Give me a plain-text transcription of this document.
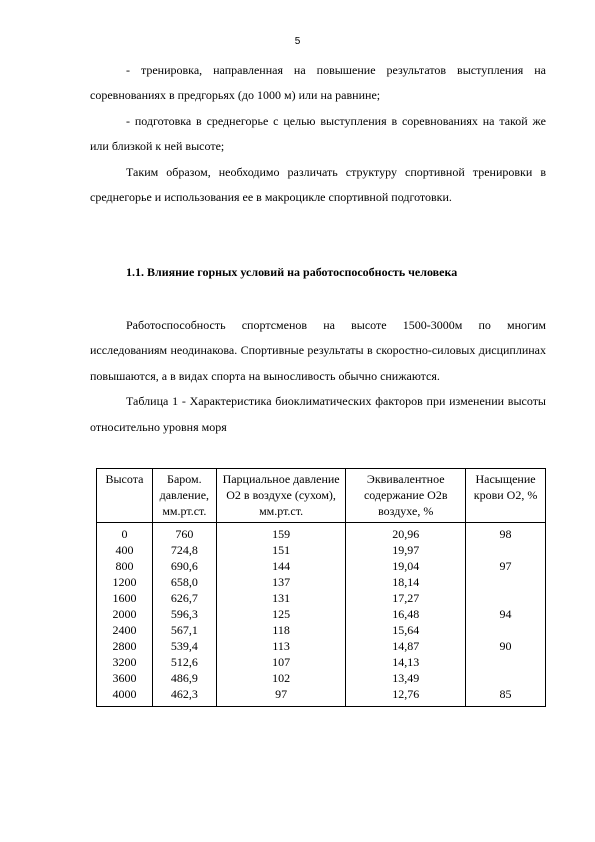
5

- тренировка, направленная на повышение результатов выступления на соревнованиях в предгорьях (до 1000 м) или на равнине;

- подготовка в среднегорье с целью выступления в соревнованиях на такой же или близкой к ней высоте;

Таким образом, необходимо различать структуру спортивной тренировки в среднегорье и использования ее в макроцикле спортивной подготовки.

1.1. Влияние горных условий на работоспособность человека

Работоспособность спортсменов на высоте 1500-3000м по многим исследованиям неодинакова. Спортивные результаты в скоростно-силовых дисциплинах повышаются, а в видах спорта на выносливость обычно снижаются.

Таблица 1 - Характеристика биоклиматических факторов при изменении высоты относительно уровня моря

Высота	Баром. давление, мм.рт.ст.	Парциальное давление О2 в воздухе (сухом), мм.рт.ст.	Эквивалентное содержание О2в воздухе, %	Насыщение крови О2, %
0	760	159	20,96	98
400	724,8	151	19,97	
800	690,6	144	19,04	97
1200	658,0	137	18,14	
1600	626,7	131	17,27	
2000	596,3	125	16,48	94
2400	567,1	118	15,64	
2800	539,4	113	14,87	90
3200	512,6	107	14,13	
3600	486,9	102	13,49	
4000	462,3	97	12,76	85
